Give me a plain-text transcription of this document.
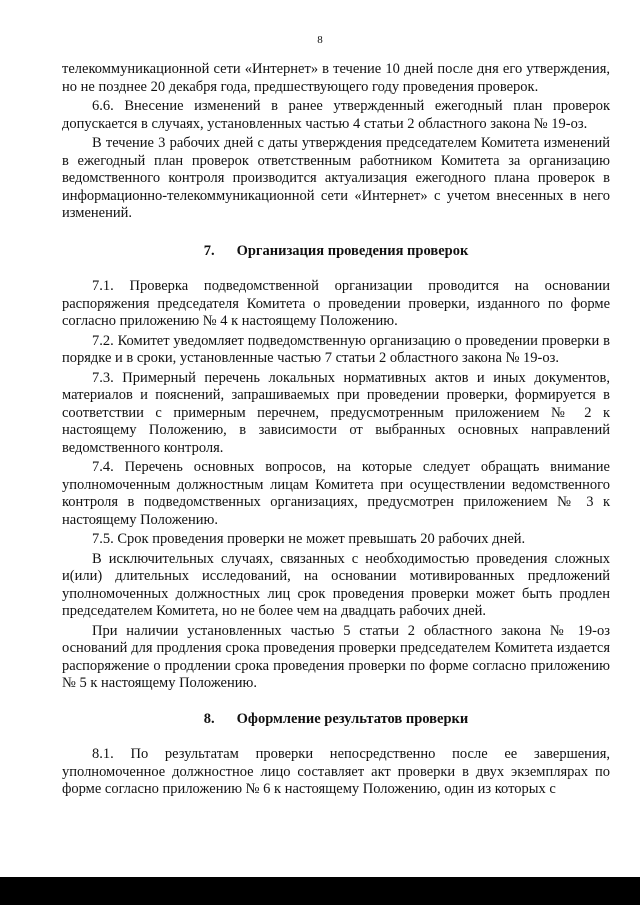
8

телекоммуникационной сети «Интернет» в течение 10 дней после дня его утверждения, но не позднее 20 декабря года, предшествующего году проведения проверок.

6.6. Внесение изменений в ранее утвержденный ежегодный план проверок допускается в случаях, установленных частью 4 статьи 2 областного закона № 19-оз.

В течение 3 рабочих дней с даты утверждения председателем Комитета изменений в ежегодный план проверок ответственным работником Комитета за организацию ведомственного контроля производится актуализация ежегодного плана проверок в информационно-телекоммуникационной сети «Интернет» с учетом внесенных в него изменений.

7. Организация проведения проверок

7.1. Проверка подведомственной организации проводится на основании распоряжения председателя Комитета о проведении проверки, изданного по форме согласно приложению № 4 к настоящему Положению.

7.2. Комитет уведомляет подведомственную организацию о проведении проверки в порядке и в сроки, установленные частью 7 статьи 2 областного закона № 19-оз.

7.3. Примерный перечень локальных нормативных актов и иных документов, материалов и пояснений, запрашиваемых при проведении проверки, формируется в соответствии с примерным перечнем, предусмотренным приложением № 2 к настоящему Положению, в зависимости от выбранных основных направлений ведомственного контроля.

7.4. Перечень основных вопросов, на которые следует обращать внимание уполномоченным должностным лицам Комитета при осуществлении ведомственного контроля в подведомственных организациях, предусмотрен приложением № 3 к настоящему Положению.

7.5. Срок проведения проверки не может превышать 20 рабочих дней.

В исключительных случаях, связанных с необходимостью проведения сложных и(или) длительных исследований, на основании мотивированных предложений уполномоченных должностных лиц срок проведения проверки может быть продлен председателем Комитета, но не более чем на двадцать рабочих дней.

При наличии установленных частью 5 статьи 2 областного закона № 19-оз оснований для продления срока проведения проверки председателем Комитета издается распоряжение о продлении срока проведения проверки по форме согласно приложению № 5 к настоящему Положению.

8. Оформление результатов проверки

8.1. По результатам проверки непосредственно после ее завершения, уполномоченное должностное лицо составляет акт проверки в двух экземплярах по форме согласно приложению № 6 к настоящему Положению, один из которых с
